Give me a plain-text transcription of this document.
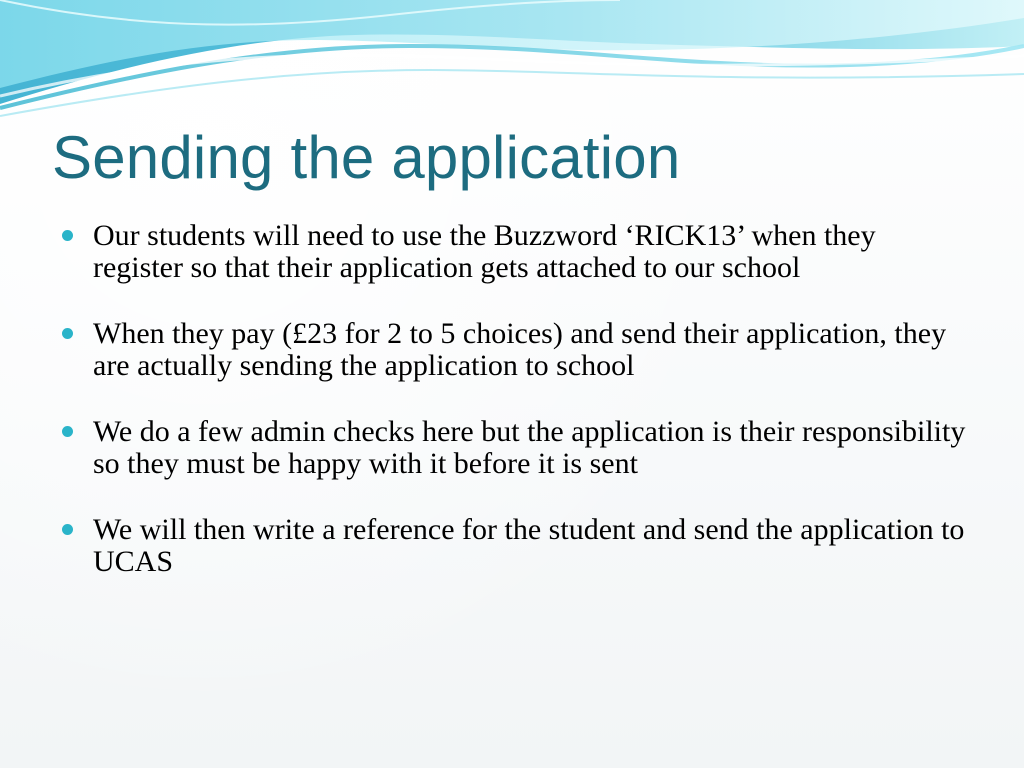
Sending the application
Our students will need to use the Buzzword ‘RICK13’ when they register so that their application gets attached to our school
When they pay (£23 for 2 to 5 choices) and send their application, they are actually sending the application to school
We do a few admin checks here but the application is their responsibility so they must be happy with it before it is sent
We will then write a reference for the student and send the application to UCAS
